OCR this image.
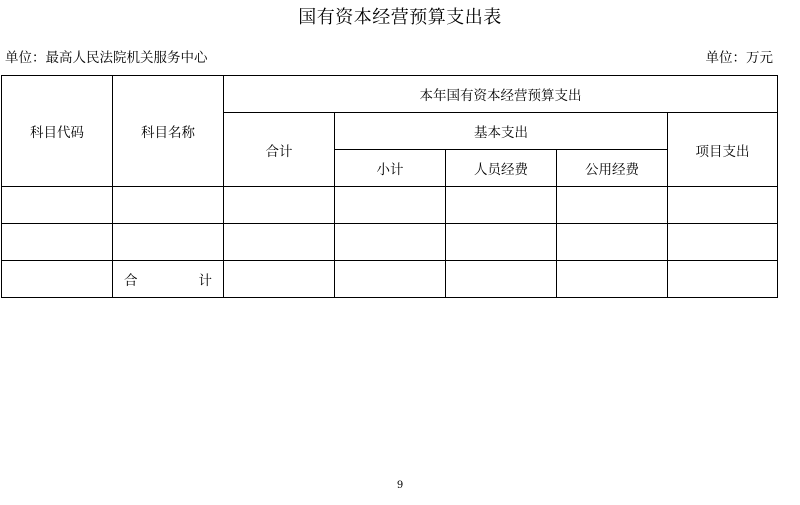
国有资本经营预算支出表
单位：最高人民法院机关服务中心	单位：万元
科目代码	科目名称	本年国有资本经营预算支出				
		合计	基本支出			项目支出
			小计	人员经费	公用经费	

	合 计					

9
